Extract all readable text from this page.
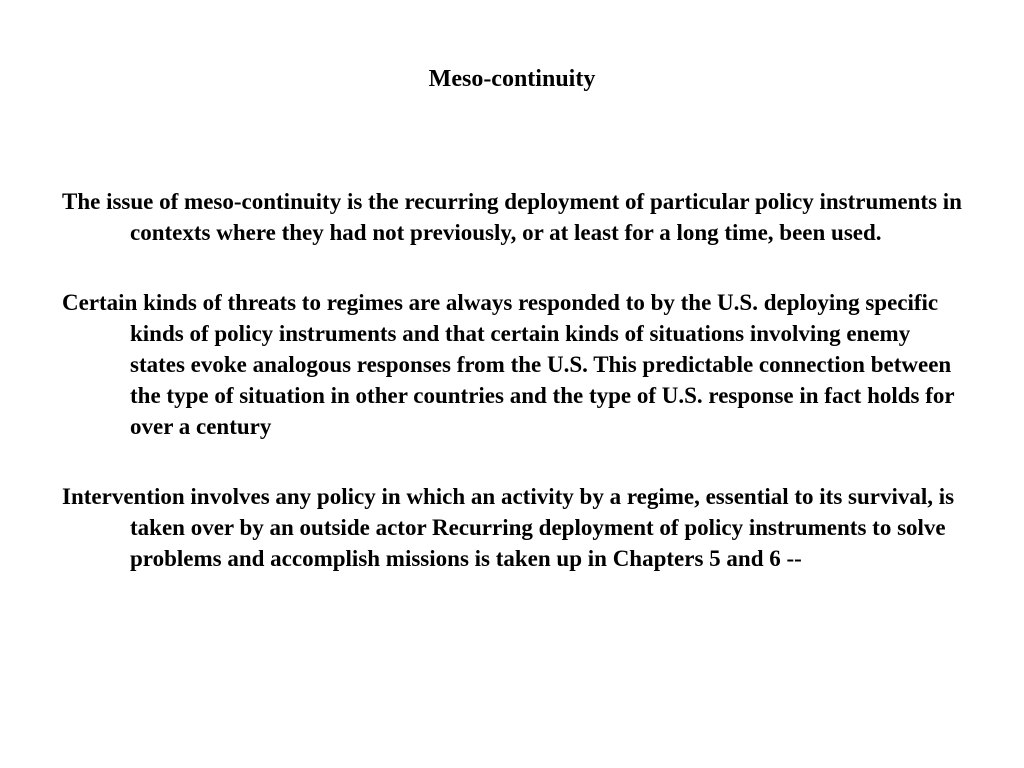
Meso-continuity

The issue of meso-continuity is the recurring deployment of particular policy instruments in contexts where they had not previously, or at least for a long time, been used.

Certain kinds of threats to regimes are always responded to by the U.S. deploying specific kinds of policy instruments and that certain kinds of situations involving enemy states evoke analogous responses from the U.S. This predictable connection between the type of situation in other countries and the type of U.S. response in fact holds for over a century

Intervention involves any policy in which an activity by a regime, essential to its survival, is taken over by an outside actor Recurring deployment of policy instruments to solve problems and accomplish missions is taken up in Chapters 5 and 6 --
